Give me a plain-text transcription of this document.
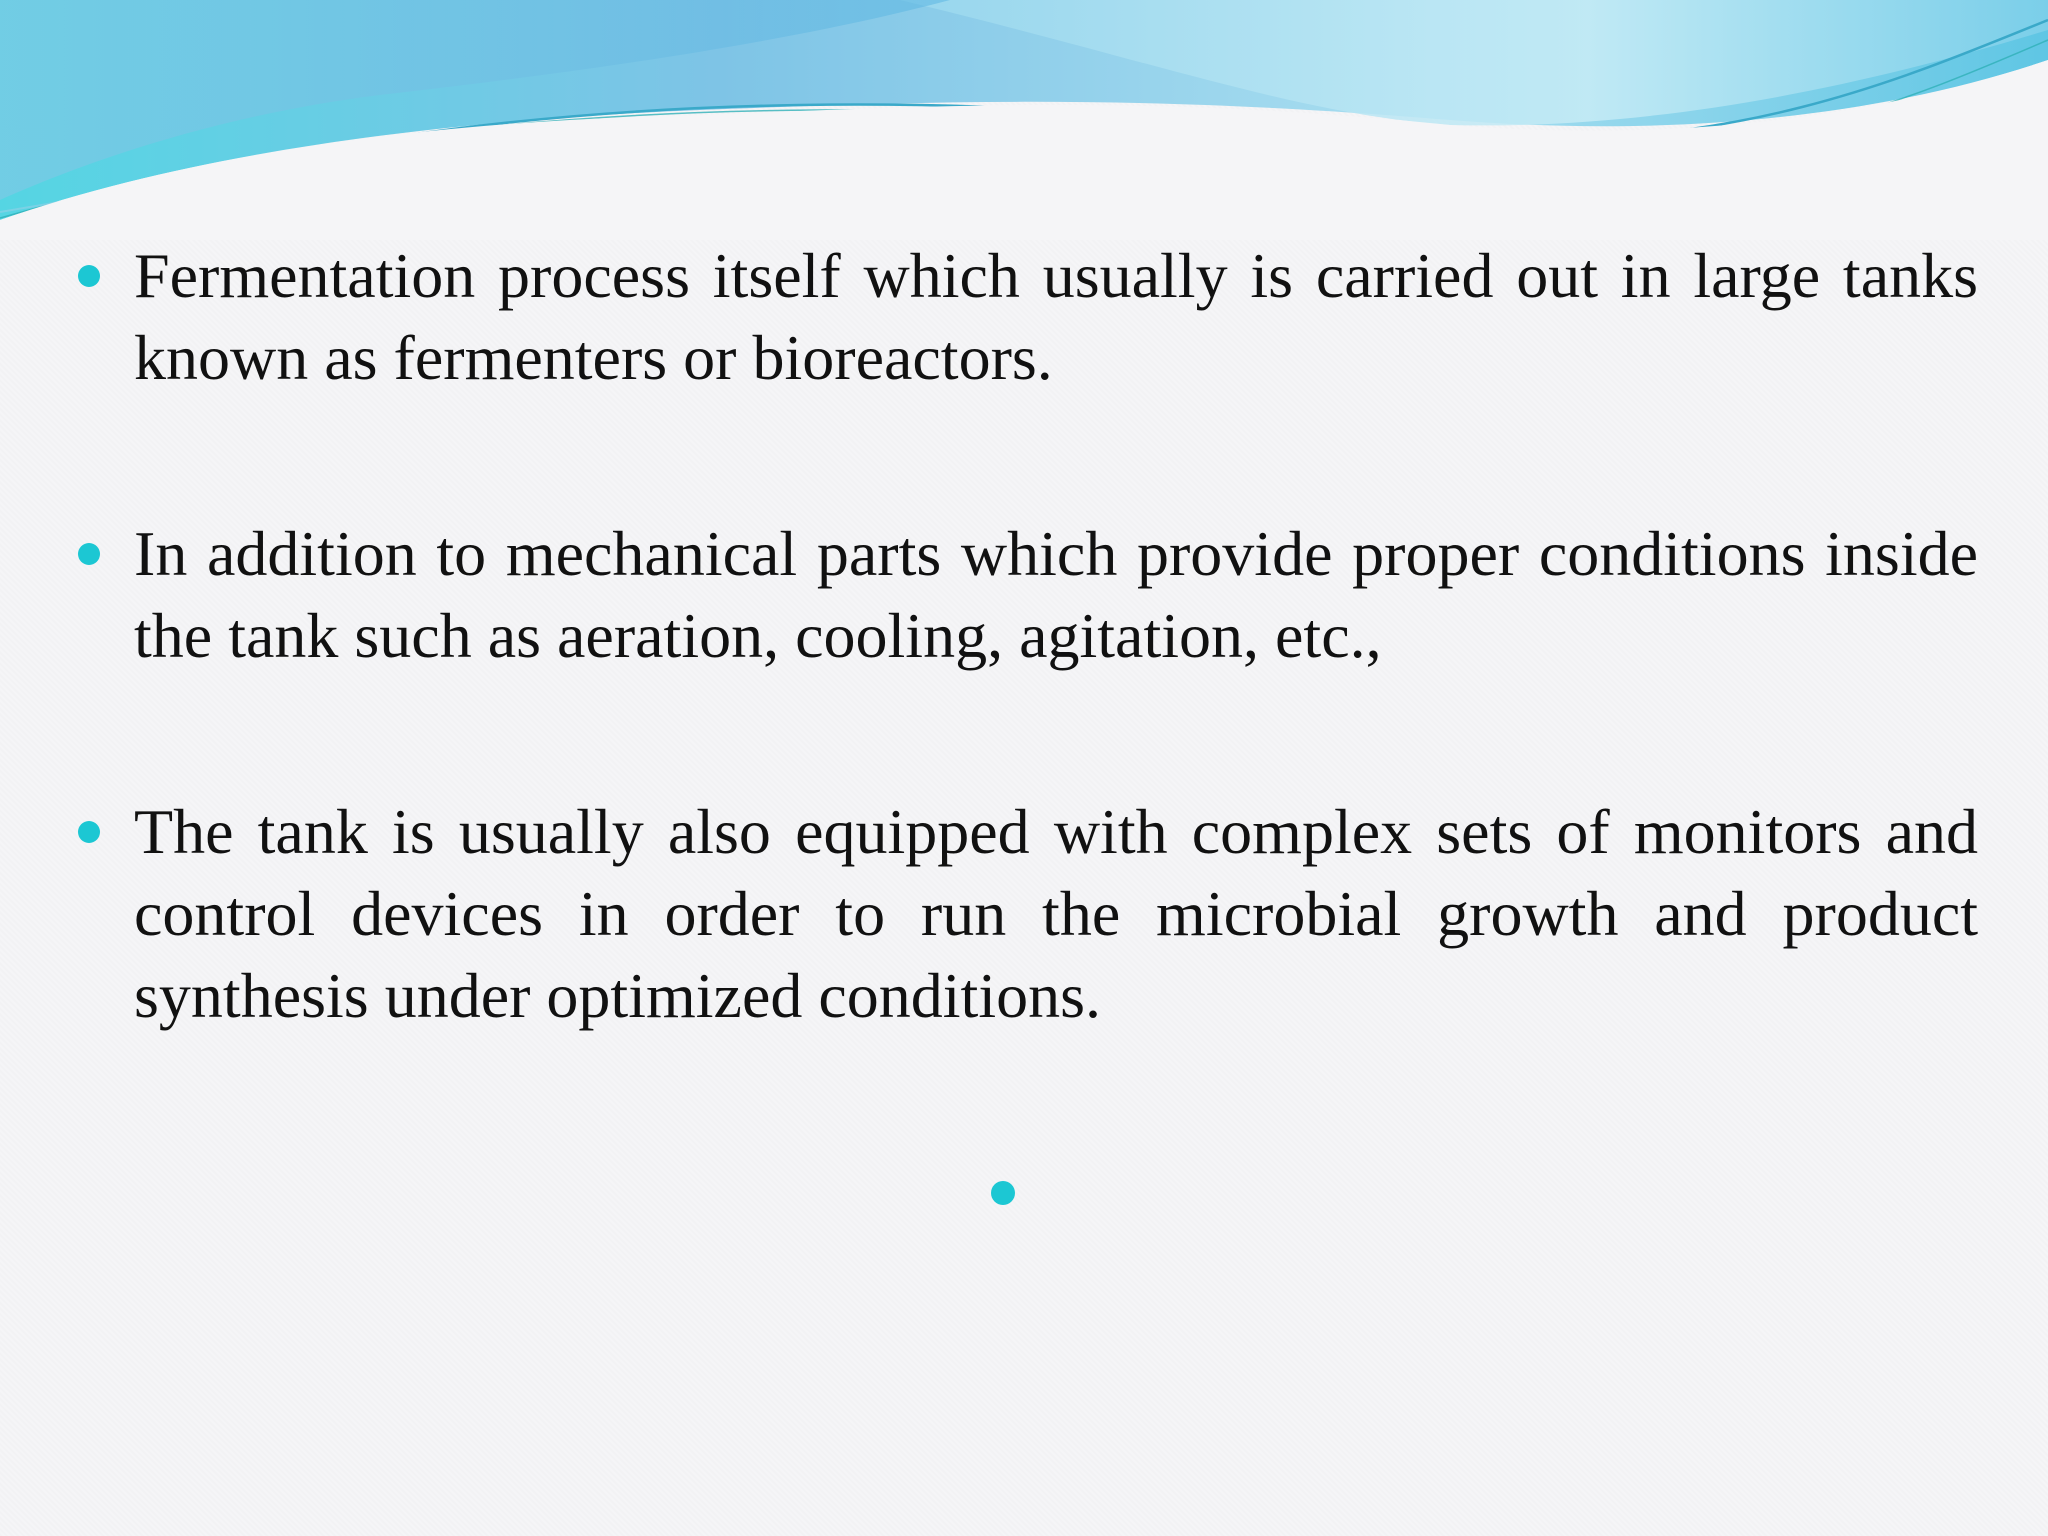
Fermentation process itself which usually is carried out in large tanks known as fermenters or bioreactors.
In addition to mechanical parts which provide proper conditions inside the tank such as aeration, cooling, agitation, etc.,
The tank is usually also equipped with complex sets of monitors and control devices in order to run the microbial growth and product synthesis under optimized conditions.
